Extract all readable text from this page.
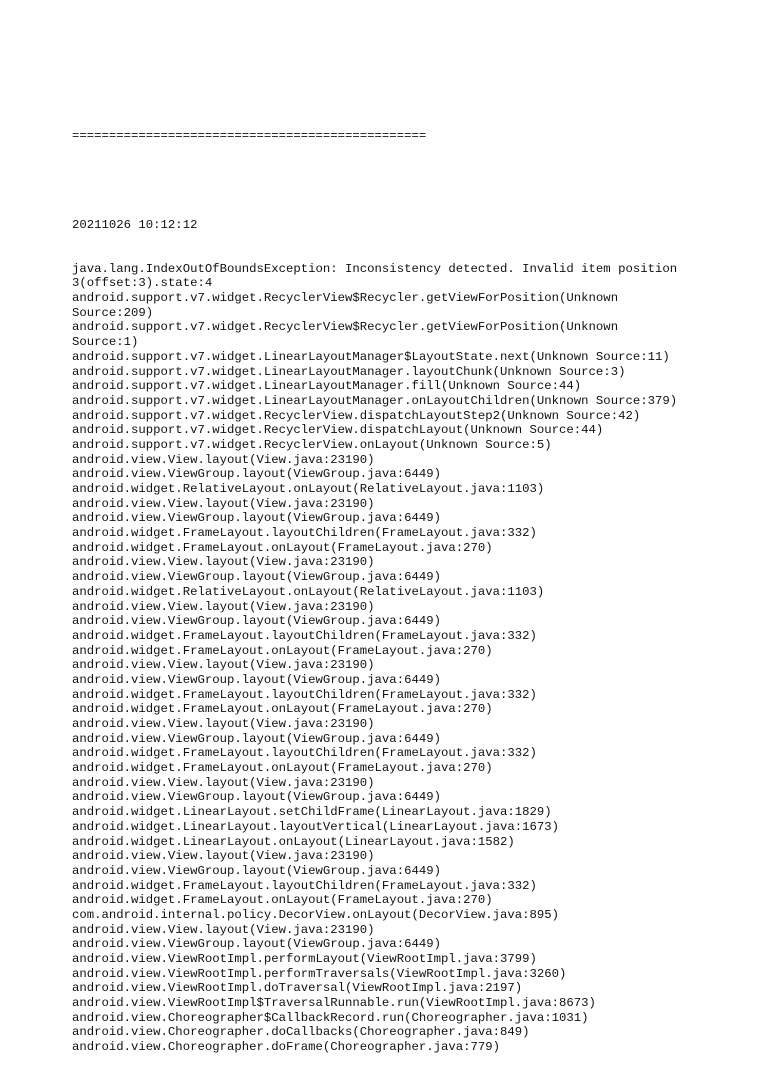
================================================

20211026 10:12:12

java.lang.IndexOutOfBoundsException: Inconsistency detected. Invalid item position
3(offset:3).state:4
android.support.v7.widget.RecyclerView$Recycler.getViewForPosition(Unknown
Source:209)
android.support.v7.widget.RecyclerView$Recycler.getViewForPosition(Unknown
Source:1)
android.support.v7.widget.LinearLayoutManager$LayoutState.next(Unknown Source:11)
android.support.v7.widget.LinearLayoutManager.layoutChunk(Unknown Source:3)
android.support.v7.widget.LinearLayoutManager.fill(Unknown Source:44)
android.support.v7.widget.LinearLayoutManager.onLayoutChildren(Unknown Source:379)
android.support.v7.widget.RecyclerView.dispatchLayoutStep2(Unknown Source:42)
android.support.v7.widget.RecyclerView.dispatchLayout(Unknown Source:44)
android.support.v7.widget.RecyclerView.onLayout(Unknown Source:5)
android.view.View.layout(View.java:23190)
android.view.ViewGroup.layout(ViewGroup.java:6449)
android.widget.RelativeLayout.onLayout(RelativeLayout.java:1103)
android.view.View.layout(View.java:23190)
android.view.ViewGroup.layout(ViewGroup.java:6449)
android.widget.FrameLayout.layoutChildren(FrameLayout.java:332)
android.widget.FrameLayout.onLayout(FrameLayout.java:270)
android.view.View.layout(View.java:23190)
android.view.ViewGroup.layout(ViewGroup.java:6449)
android.widget.RelativeLayout.onLayout(RelativeLayout.java:1103)
android.view.View.layout(View.java:23190)
android.view.ViewGroup.layout(ViewGroup.java:6449)
android.widget.FrameLayout.layoutChildren(FrameLayout.java:332)
android.widget.FrameLayout.onLayout(FrameLayout.java:270)
android.view.View.layout(View.java:23190)
android.view.ViewGroup.layout(ViewGroup.java:6449)
android.widget.FrameLayout.layoutChildren(FrameLayout.java:332)
android.widget.FrameLayout.onLayout(FrameLayout.java:270)
android.view.View.layout(View.java:23190)
android.view.ViewGroup.layout(ViewGroup.java:6449)
android.widget.FrameLayout.layoutChildren(FrameLayout.java:332)
android.widget.FrameLayout.onLayout(FrameLayout.java:270)
android.view.View.layout(View.java:23190)
android.view.ViewGroup.layout(ViewGroup.java:6449)
android.widget.LinearLayout.setChildFrame(LinearLayout.java:1829)
android.widget.LinearLayout.layoutVertical(LinearLayout.java:1673)
android.widget.LinearLayout.onLayout(LinearLayout.java:1582)
android.view.View.layout(View.java:23190)
android.view.ViewGroup.layout(ViewGroup.java:6449)
android.widget.FrameLayout.layoutChildren(FrameLayout.java:332)
android.widget.FrameLayout.onLayout(FrameLayout.java:270)
com.android.internal.policy.DecorView.onLayout(DecorView.java:895)
android.view.View.layout(View.java:23190)
android.view.ViewGroup.layout(ViewGroup.java:6449)
android.view.ViewRootImpl.performLayout(ViewRootImpl.java:3799)
android.view.ViewRootImpl.performTraversals(ViewRootImpl.java:3260)
android.view.ViewRootImpl.doTraversal(ViewRootImpl.java:2197)
android.view.ViewRootImpl$TraversalRunnable.run(ViewRootImpl.java:8673)
android.view.Choreographer$CallbackRecord.run(Choreographer.java:1031)
android.view.Choreographer.doCallbacks(Choreographer.java:849)
android.view.Choreographer.doFrame(Choreographer.java:779)
